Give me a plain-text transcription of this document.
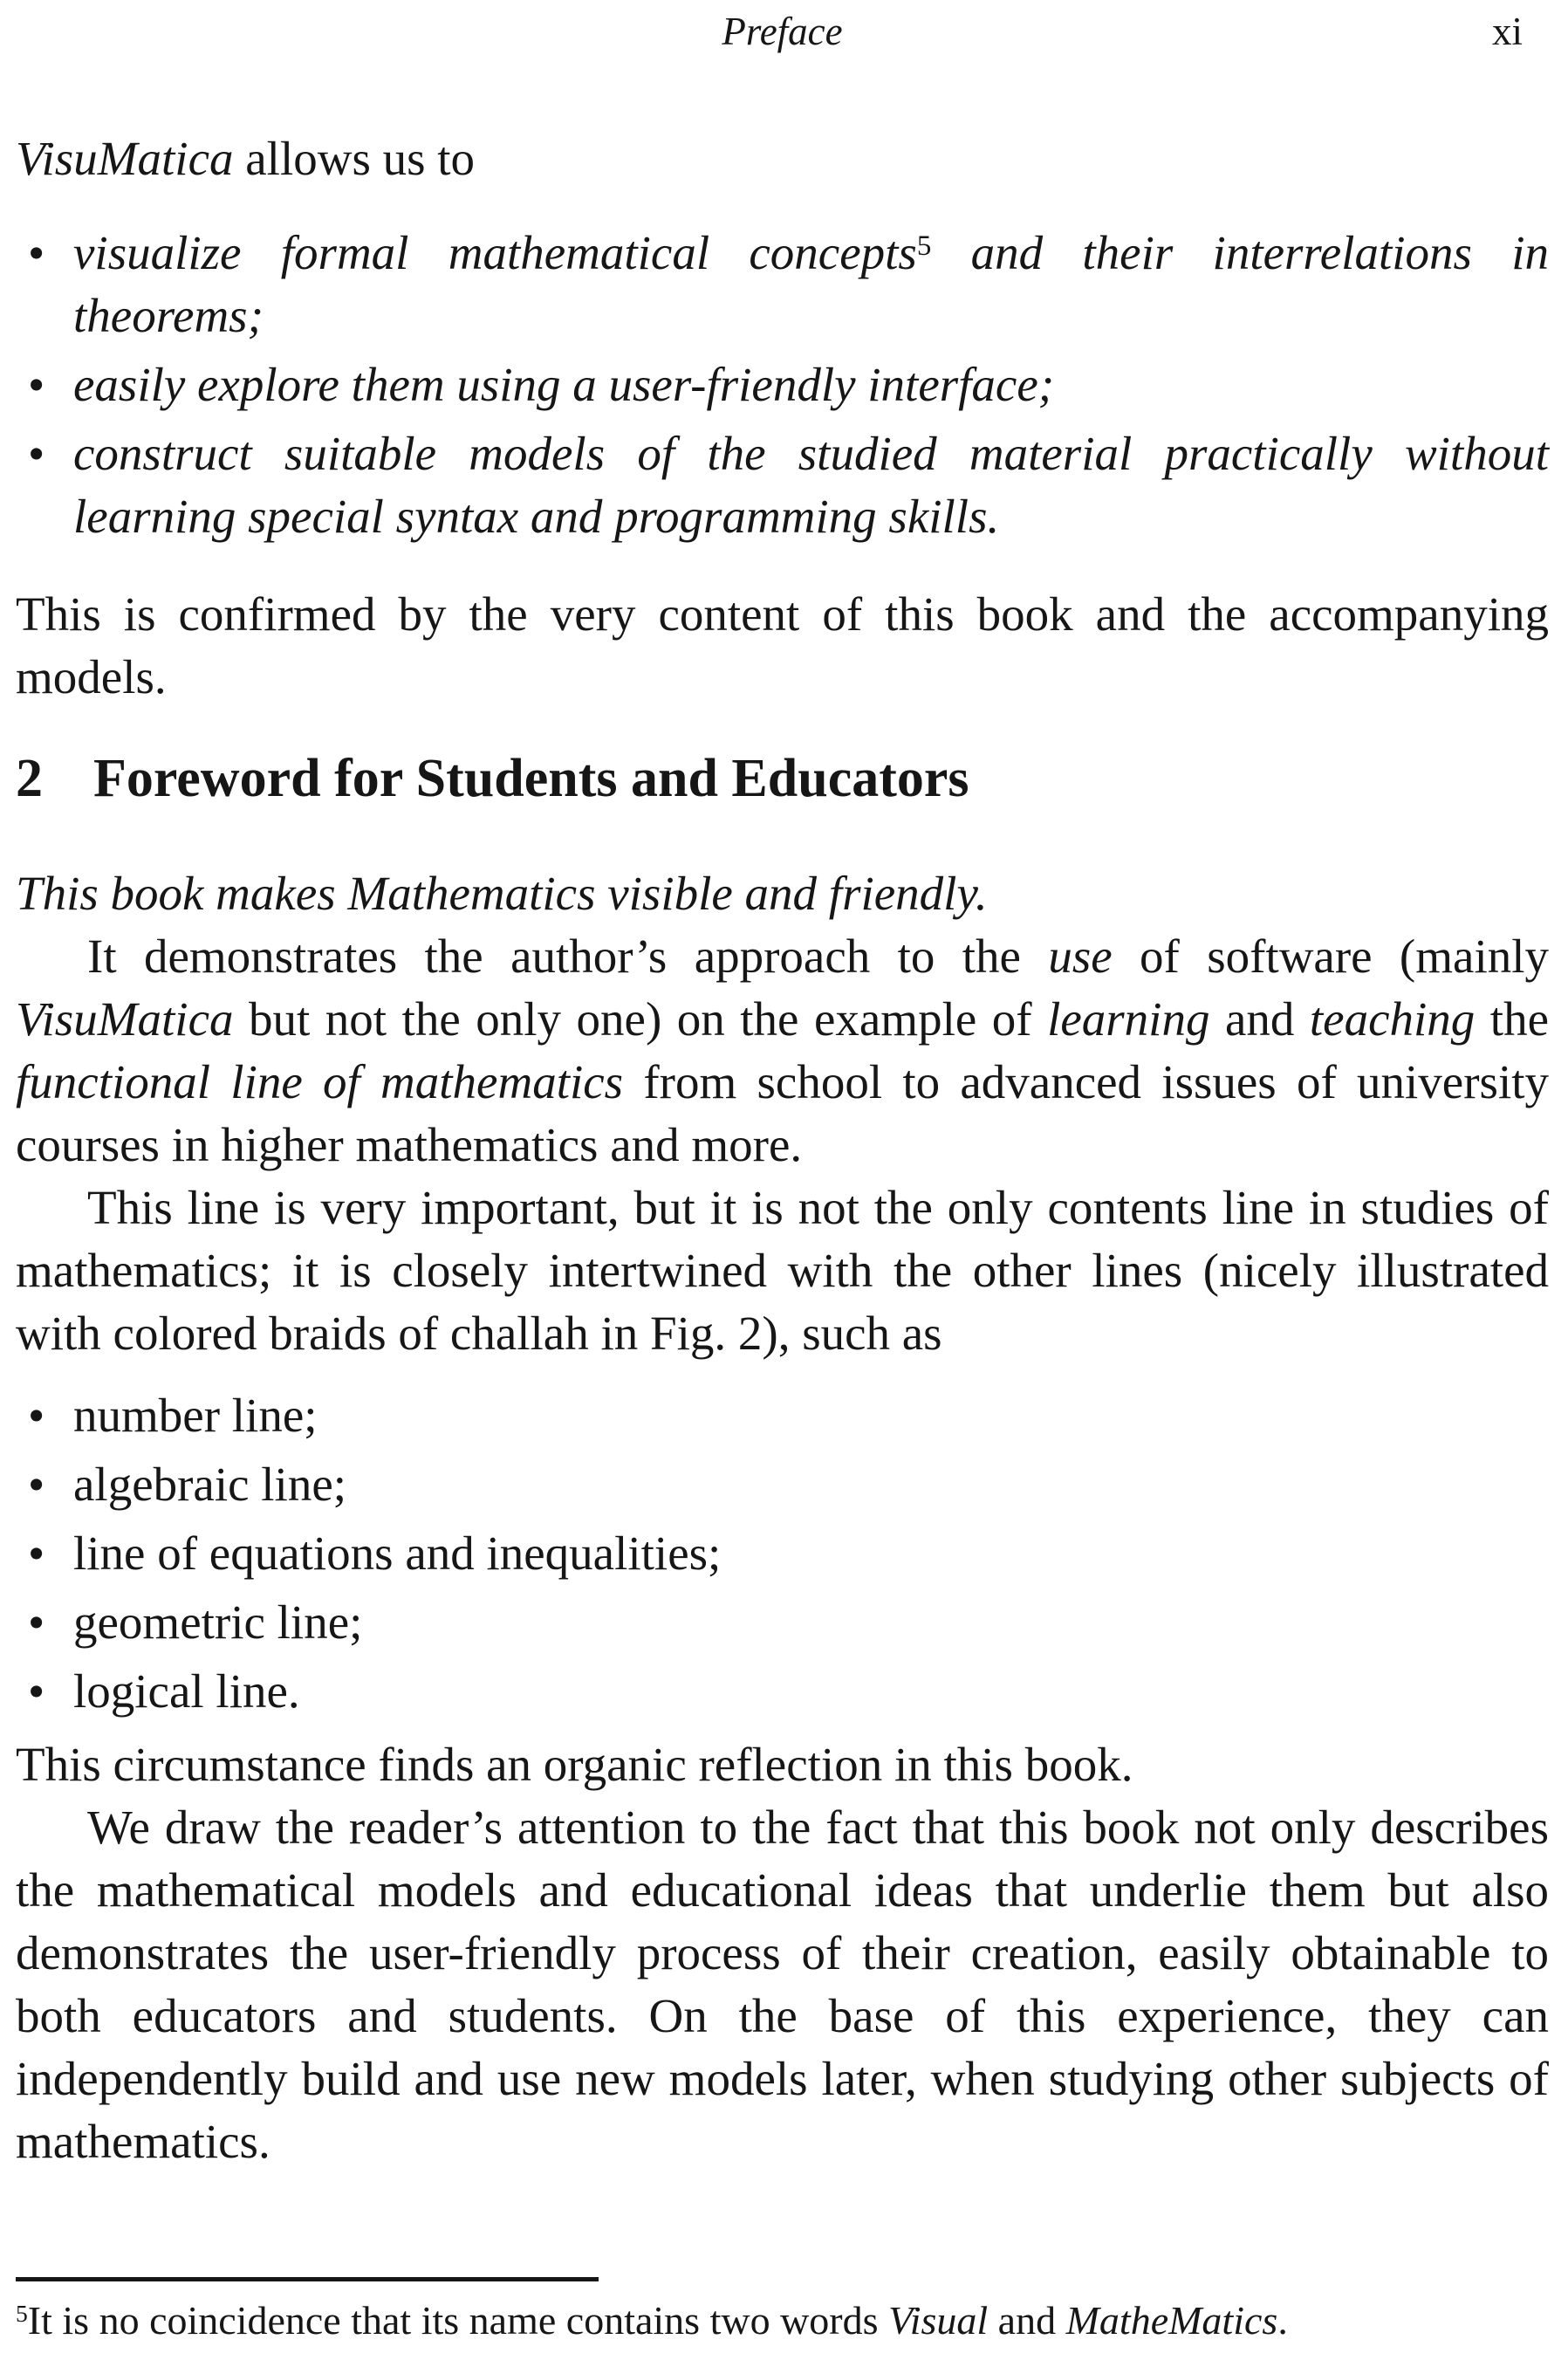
Preface	xi

VisuMatica allows us to

• visualize formal mathematical concepts$^5$ and their interrelations in theorems;
• easily explore them using a user-friendly interface;
• construct suitable models of the studied material practically without learning special syntax and programming skills.

This is confirmed by the very content of this book and the accompanying models.

2 Foreword for Students and Educators

This book makes Mathematics visible and friendly.

It demonstrates the author’s approach to the use of software (mainly VisuMatica but not the only one) on the example of learning and teaching the functional line of mathematics from school to advanced issues of university courses in higher mathematics and more.

This line is very important, but it is not the only contents line in studies of mathematics; it is closely intertwined with the other lines (nicely illustrated with colored braids of challah in Fig. 2), such as

• number line;
• algebraic line;
• line of equations and inequalities;
• geometric line;
• logical line.

This circumstance finds an organic reflection in this book.

We draw the reader’s attention to the fact that this book not only describes the mathematical models and educational ideas that underlie them but also demonstrates the user-friendly process of their creation, easily obtainable to both educators and students. On the base of this experience, they can independently build and use new models later, when studying other subjects of mathematics.

$^5$It is no coincidence that its name contains two words Visual and MatheMatics.
